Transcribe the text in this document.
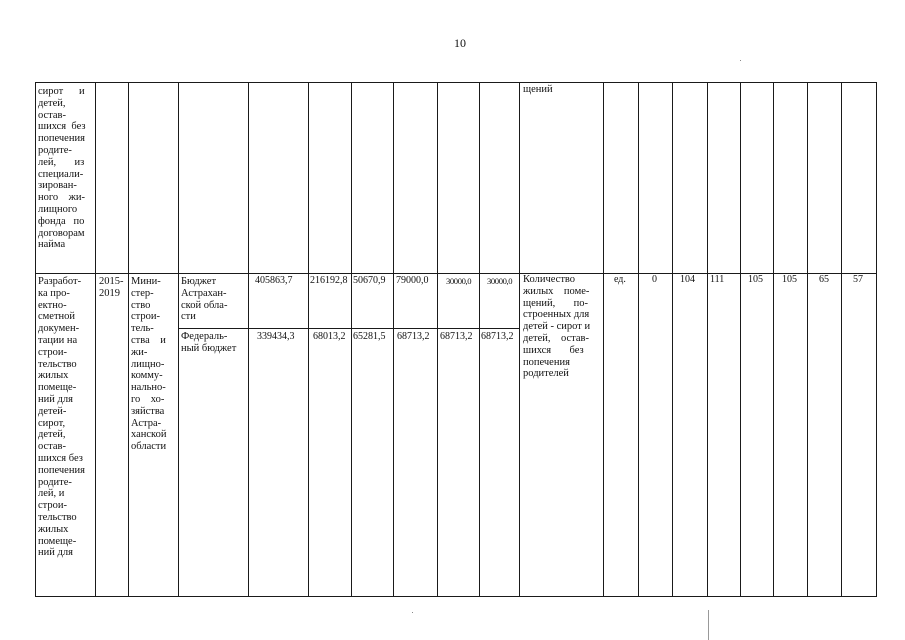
10
сирот      и
детей,
остав-
шихся  без
попечения
родите-
лей,       из
специали-
зирован-
ного    жи-
лищного
фонда   по
договорам
найма
щений
Разработ-
ка про-
ектно-
сметной
докумен-
тации на
строи-
тельство
жилых
помеще-
ний для
детей-
сирот,
детей,
остав-
шихся без
попечения
родите-
лей, и
строи-
тельство
жилых
помеще-
ний для
2015-
2019
Мини-
стер-
ство
строи-
тель-
ства    и
жи-
лищно-
комму-
нально-
го    хо-
зяйства
Астра-
ханской
области
Бюджет
Астрахан-
ской обла-
сти
Федераль-
ный бюджет
Количество
жилых    поме-
щений,       по-
строенных для
детей - сирот и
детей,    остав-
шихся       без
попечения
родителей
ед.
405863,7 216192,8 50670,9 79000,0 30000,0 30000,0
339434,3 68013,2 65281,5 68713,2 68713,2 68713,2
0 104 111 105 105 65 57
